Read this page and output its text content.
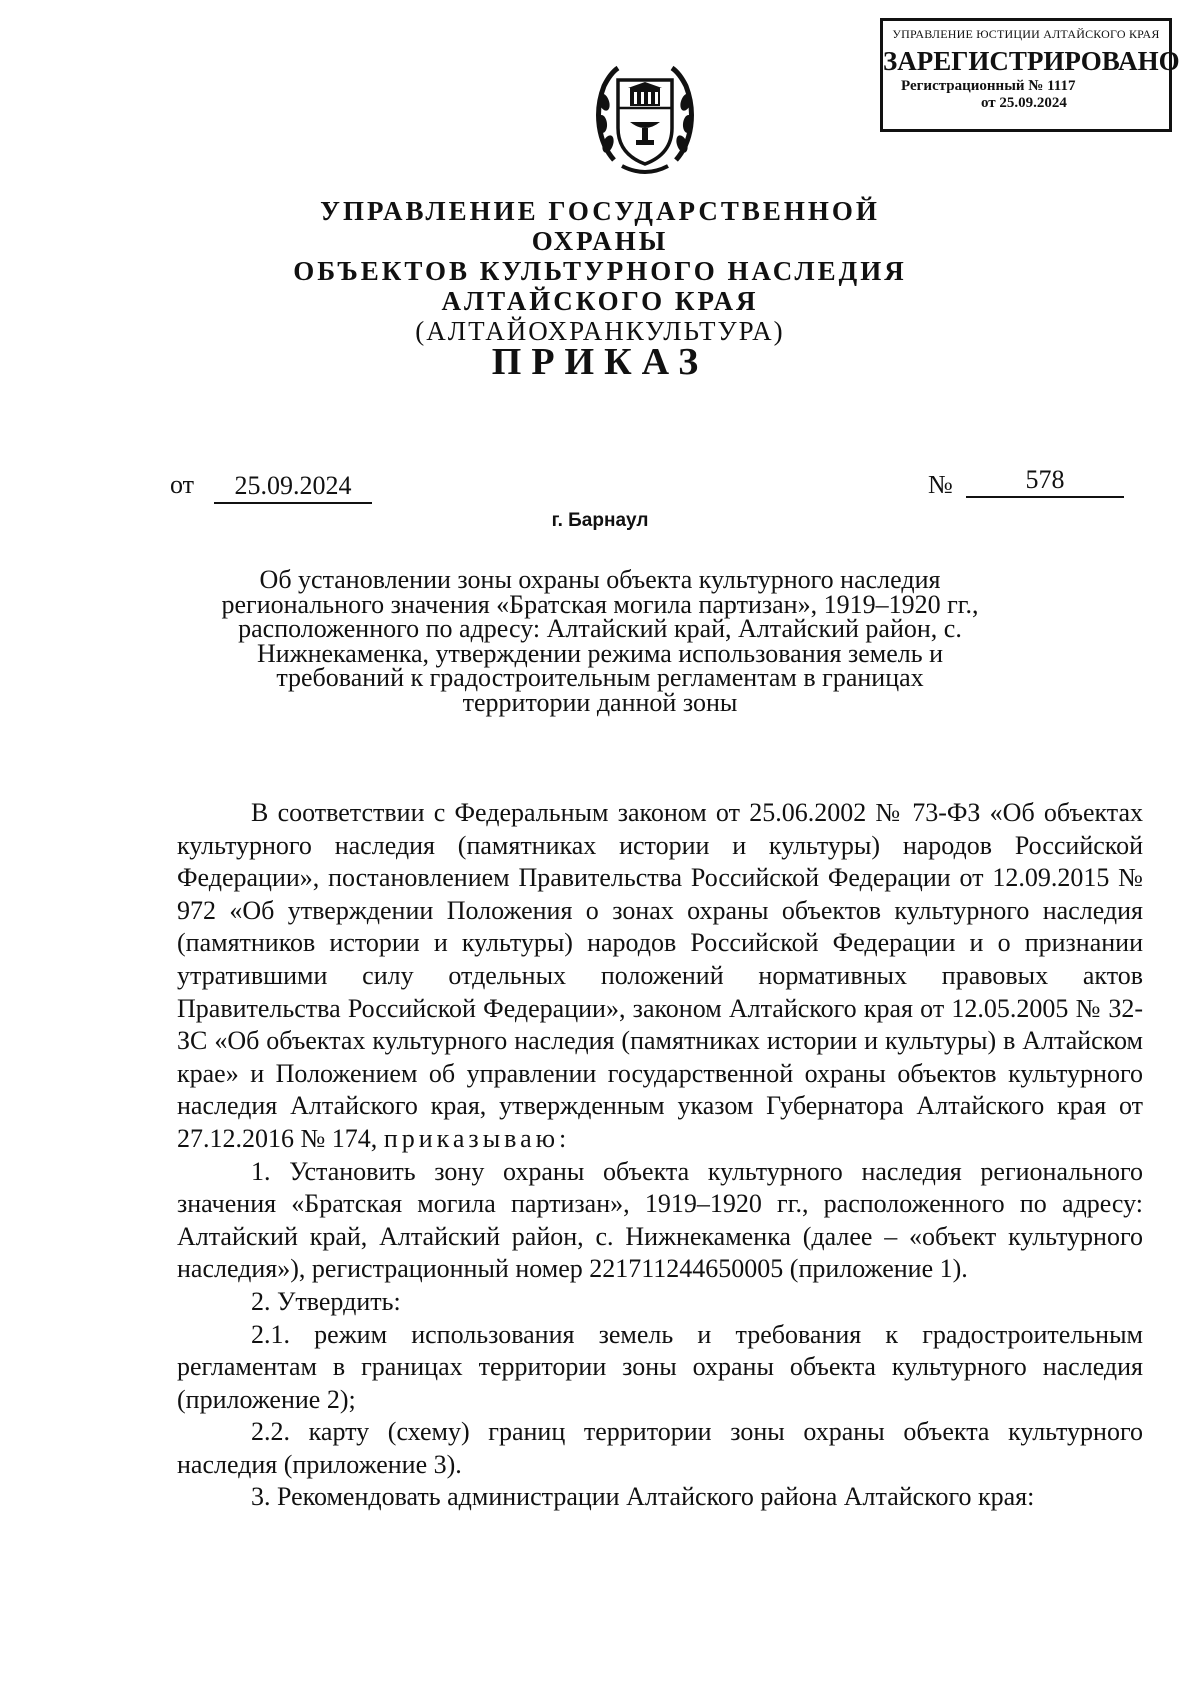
УПРАВЛЕНИЕ ЮСТИЦИИ АЛТАЙСКОГО КРАЯ
ЗАРЕГИСТРИРОВАНО
Регистрационный № 1117
от 25.09.2024
УПРАВЛЕНИЕ ГОСУДАРСТВЕННОЙ ОХРАНЫ
ОБЪЕКТОВ КУЛЬТУРНОГО НАСЛЕДИЯ
АЛТАЙСКОГО КРАЯ
(АЛТАЙОХРАНКУЛЬТУРА)
ПРИКАЗ
от	25.09.2024	№	578
г. Барнаул
Об установлении зоны охраны объекта культурного наследия регионального значения «Братская могила партизан», 1919–1920 гг., расположенного по адресу: Алтайский край, Алтайский район, с. Нижнекаменка, утверждении режима использования земель и требований к градостроительным регламентам в границах территории данной зоны

В соответствии с Федеральным законом от 25.06.2002 № 73-ФЗ «Об объектах культурного наследия (памятниках истории и культуры) народов Российской Федерации», постановлением Правительства Российской Федерации от 12.09.2015 № 972 «Об утверждении Положения о зонах охраны объектов культурного наследия (памятников истории и культуры) народов Российской Федерации и о признании утратившими силу отдельных положений нормативных правовых актов Правительства Российской Федерации», законом Алтайского края от 12.05.2005 № 32-ЗС «Об объектах культурного наследия (памятниках истории и культуры) в Алтайском крае» и Положением об управлении государственной охраны объектов культурного наследия Алтайского края, утвержденным указом Губернатора Алтайского края от 27.12.2016 № 174, приказываю:

1. Установить зону охраны объекта культурного наследия регионального значения «Братская могила партизан», 1919–1920 гг., расположенного по адресу: Алтайский край, Алтайский район, с. Нижнекаменка (далее – «объект культурного наследия»), регистрационный номер 221711244650005 (приложение 1).

2. Утвердить:

2.1. режим использования земель и требования к градостроительным регламентам в границах территории зоны охраны объекта культурного наследия (приложение 2);

2.2. карту (схему) границ территории зоны охраны объекта культурного наследия (приложение 3).

3. Рекомендовать администрации Алтайского района Алтайского края:
